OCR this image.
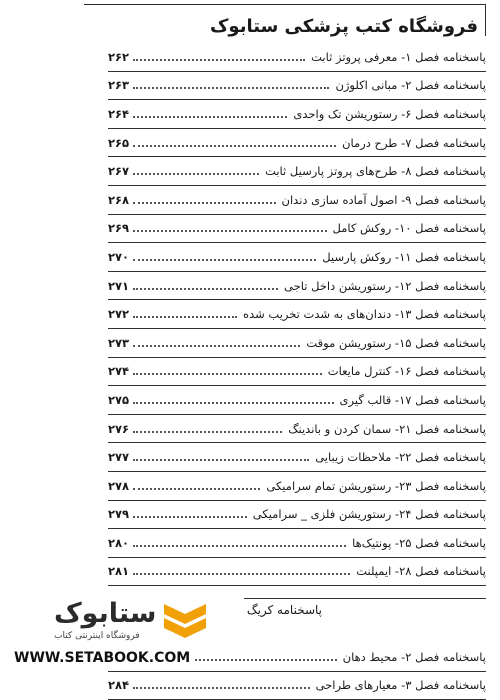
فروشگاه کتب پزشکی ستابوک
پاسخنامه فصل ۱- معرفی پروتز ثابت
۲۶۲
پاسخنامه فصل ۲- مبانی اکلوژن
۲۶۳
پاسخنامه فصل ۶- رستوریشن تک واحدی
۲۶۴
پاسخنامه فصل ۷- طرح درمان
۲۶۵
پاسخنامه فصل ۸- طرح‌های پروتز پارسیل ثابت
۲۶۷
پاسخنامه فصل ۹- اصول آماده سازی دندان
۲۶۸
پاسخنامه فصل ۱۰- روکش کامل
۲۶۹
پاسخنامه فصل ۱۱- روکش پارسیل
۲۷۰
پاسخنامه فصل ۱۲- رستوریشن داخل تاجی
۲۷۱
پاسخنامه فصل ۱۳- دندان‌های به شدت تخریب شده
۲۷۲
پاسخنامه فصل ۱۵- رستوریشن موقت
۲۷۳
پاسخنامه فصل ۱۶- کنترل مایعات
۲۷۴
پاسخنامه فصل ۱۷- قالب گیری
۲۷۵
پاسخنامه فصل ۲۱- سمان کردن و باندینگ
۲۷۶
پاسخنامه فصل ۲۲- ملاحظات زیبایی
۲۷۷
پاسخنامه فصل ۲۳- رستوریشن تمام سرامیکی
۲۷۸
پاسخنامه فصل ۲۴- رستوریشن فلزی _ سرامیکی
۲۷۹
پاسخنامه فصل ۲۵- پونتیک‌ها
۲۸۰
پاسخنامه فصل ۲۸- ایمپلنت
۲۸۱
پاسخنامه کریگ
پاسخنامه فصل ۲- محیط دهان
پاسخنامه فصل ۳- معیارهای طراحی
۲۸۴
ستابوک
فروشگاه اینترنتی کتاب
WWW.SETABOOK.COM
